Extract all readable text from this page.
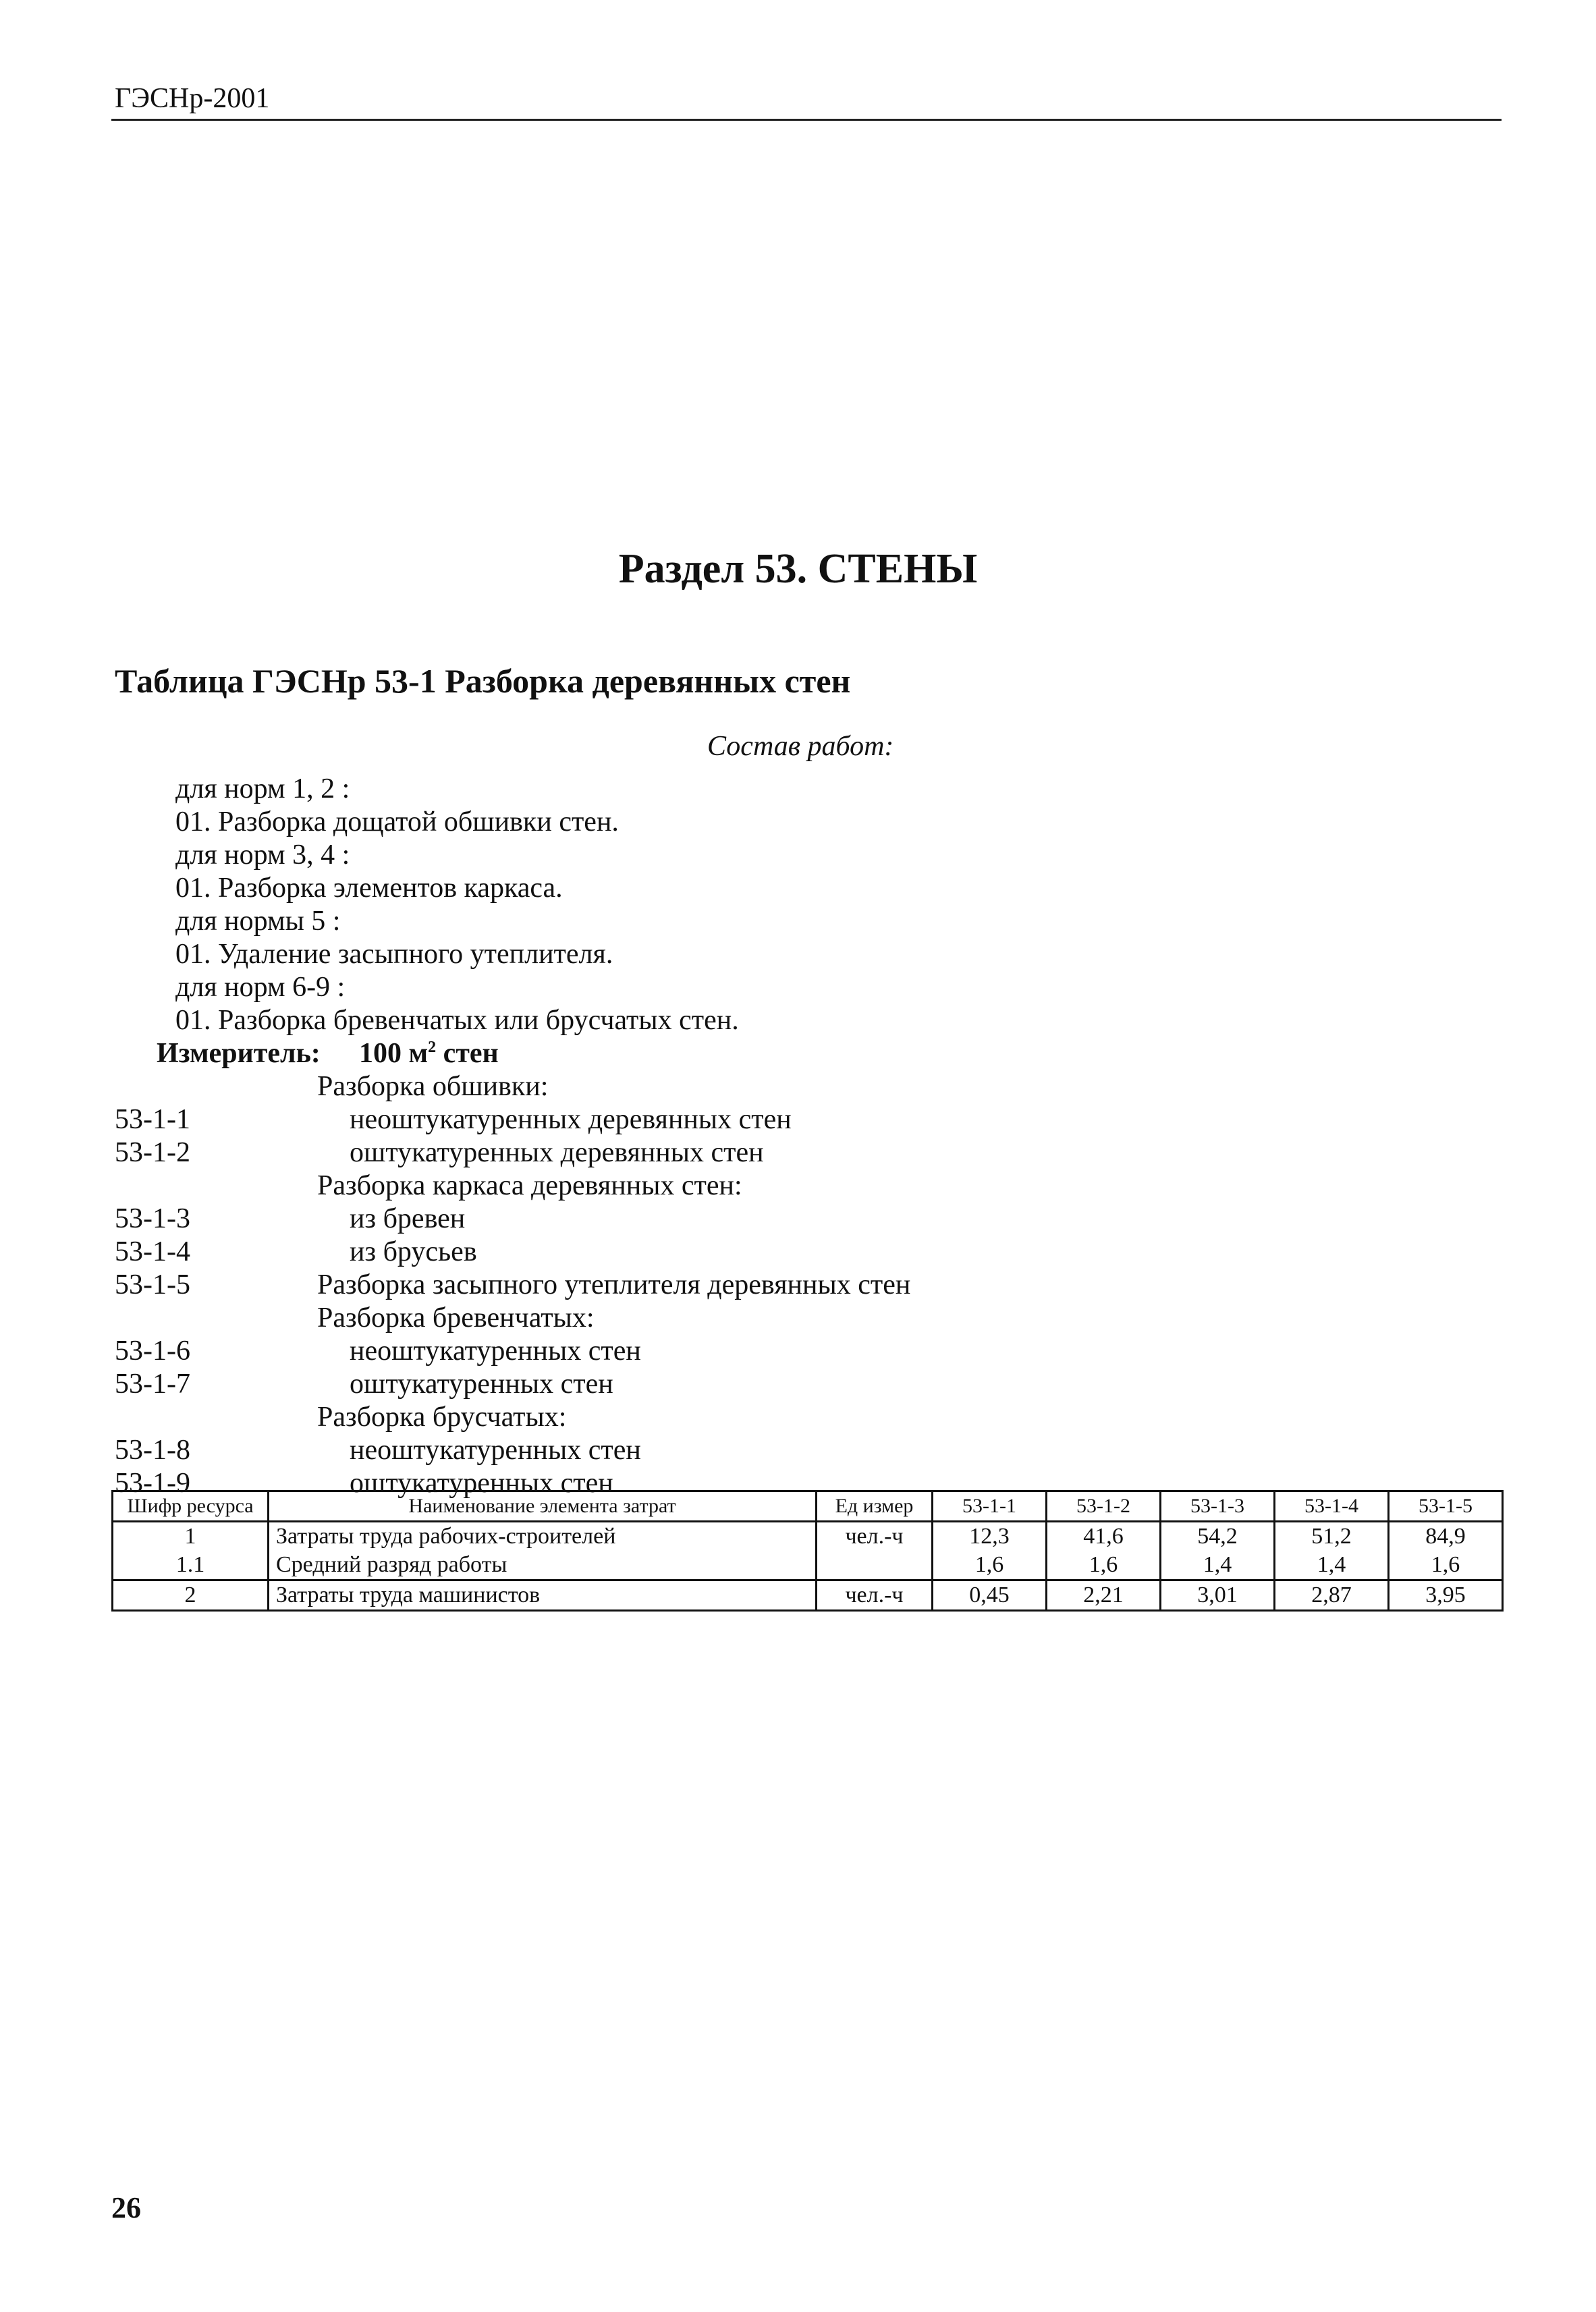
ГЭСНр-2001
Раздел 53. СТЕНЫ
Таблица ГЭСНр 53-1 Разборка деревянных стен
Состав работ:
для норм 1, 2 :
01. Разборка дощатой обшивки стен.
для норм 3, 4 :
01. Разборка элементов каркаса.
для нормы 5 :
01. Удаление засыпного утеплителя.
для норм 6-9 :
01. Разборка бревенчатых или брусчатых стен.
Измеритель: 100 $м^2$ стен
Разборка обшивки:
53-1-1	неоштукатуренных деревянных стен
53-1-2	оштукатуренных деревянных стен
Разборка каркаса деревянных стен:
53-1-3	из бревен
53-1-4	из брусьев
53-1-5	Разборка засыпного утеплителя деревянных стен
Разборка бревенчатых:
53-1-6	неоштукатуренных стен
53-1-7	оштукатуренных стен
Разборка брусчатых:
53-1-8	неоштукатуренных стен
53-1-9	оштукатуренных стен
Шифр ресурса	Наименование элемента затрат	Ед измер	53-1-1	53-1-2	53-1-3	53-1-4	53-1-5
1	Затраты труда рабочих-строителей	чел.-ч	12,3	41,6	54,2	51,2	84,9
1.1	Средний разряд работы		1,6	1,6	1,4	1,4	1,6
2	Затраты труда машинистов	чел.-ч	0,45	2,21	3,01	2,87	3,95
26
